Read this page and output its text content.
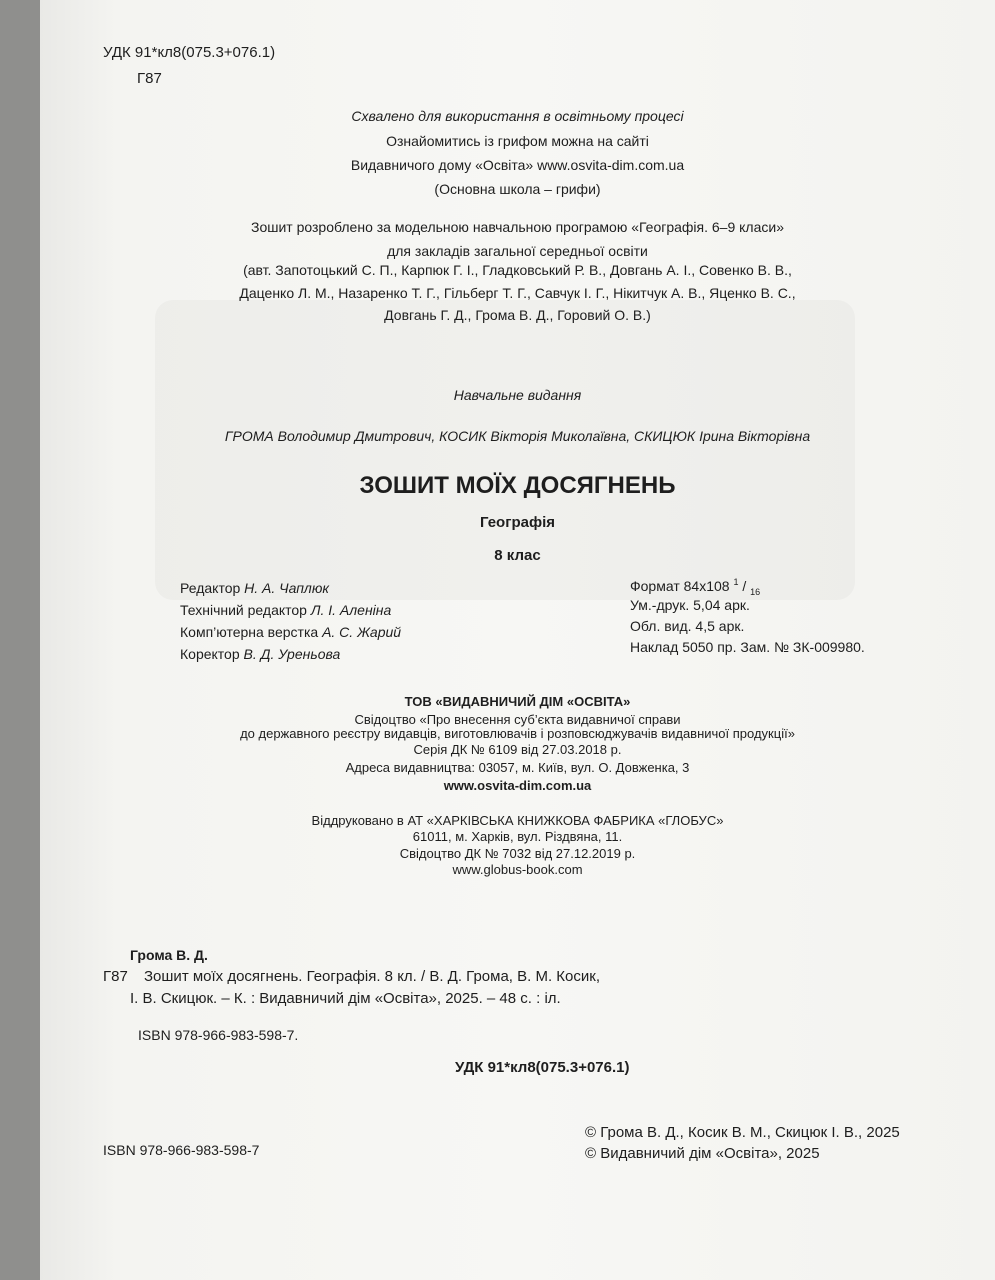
УДК 91*кл8(075.3+076.1)
Г87
Схвалено для використання в освітньому процесі
Ознайомитись із грифом можна на сайті
Видавничого дому «Освіта» www.osvita-dim.com.ua
(Основна школа – грифи)
Зошит розроблено за модельною навчальною програмою «Географія. 6–9 класи»
для закладів загальної середньої освіти
(авт. Запотоцький С. П., Карпюк Г. І., Гладковський Р. В., Довгань А. І., Совенко В. В.,
Даценко Л. М., Назаренко Т. Г., Гільберг Т. Г., Савчук І. Г., Нікитчук А. В., Яценко В. С.,
Довгань Г. Д., Грома В. Д., Горовий О. В.)
Навчальне видання
ГРОМА Володимир Дмитрович, КОСИК Вікторія Миколаївна, СКИЦЮК Ірина Вікторівна
ЗОШИТ МОЇХ ДОСЯГНЕНЬ
Географія
8 клас
Редактор Н. А. Чаплюк
Технічний редактор Л. І. Аленіна
Комп’ютерна верстка А. С. Жарий
Коректор В. Д. Уреньова
Формат 84x108 $^1$ / $_{16}$
Ум.-друк. 5,04 арк.
Обл. вид. 4,5 арк.
Наклад 5050 пр. Зам. № ЗК-009980.
ТОВ «ВИДАВНИЧИЙ ДІМ «ОСВІТА»
Свідоцтво «Про внесення суб’єкта видавничої справи
до державного реєстру видавців, виготовлювачів і розповсюджувачів видавничої продукції»
Серія ДК № 6109 від 27.03.2018 р.
Адреса видавництва: 03057, м. Київ, вул. О. Довженка, 3
www.osvita-dim.com.ua
Віддруковано в АТ «ХАРКІВСЬКА КНИЖКОВА ФАБРИКА «ГЛОБУС»
61011, м. Харків, вул. Різдвяна, 11.
Свідоцтво ДК № 7032 від 27.12.2019 р.
www.globus-book.com
Грома В. Д.
Г87 Зошит моїх досягнень. Географія. 8 кл. / В. Д. Грома, В. М. Косик,
І. В. Скицюк. – К. : Видавничий дім «Освіта», 2025. – 48 с. : іл.
ISBN 978-966-983-598-7.
УДК 91*кл8(075.3+076.1)
ISBN 978-966-983-598-7
© Грома В. Д., Косик В. М., Скицюк І. В., 2025
© Видавничий дім «Освіта», 2025
